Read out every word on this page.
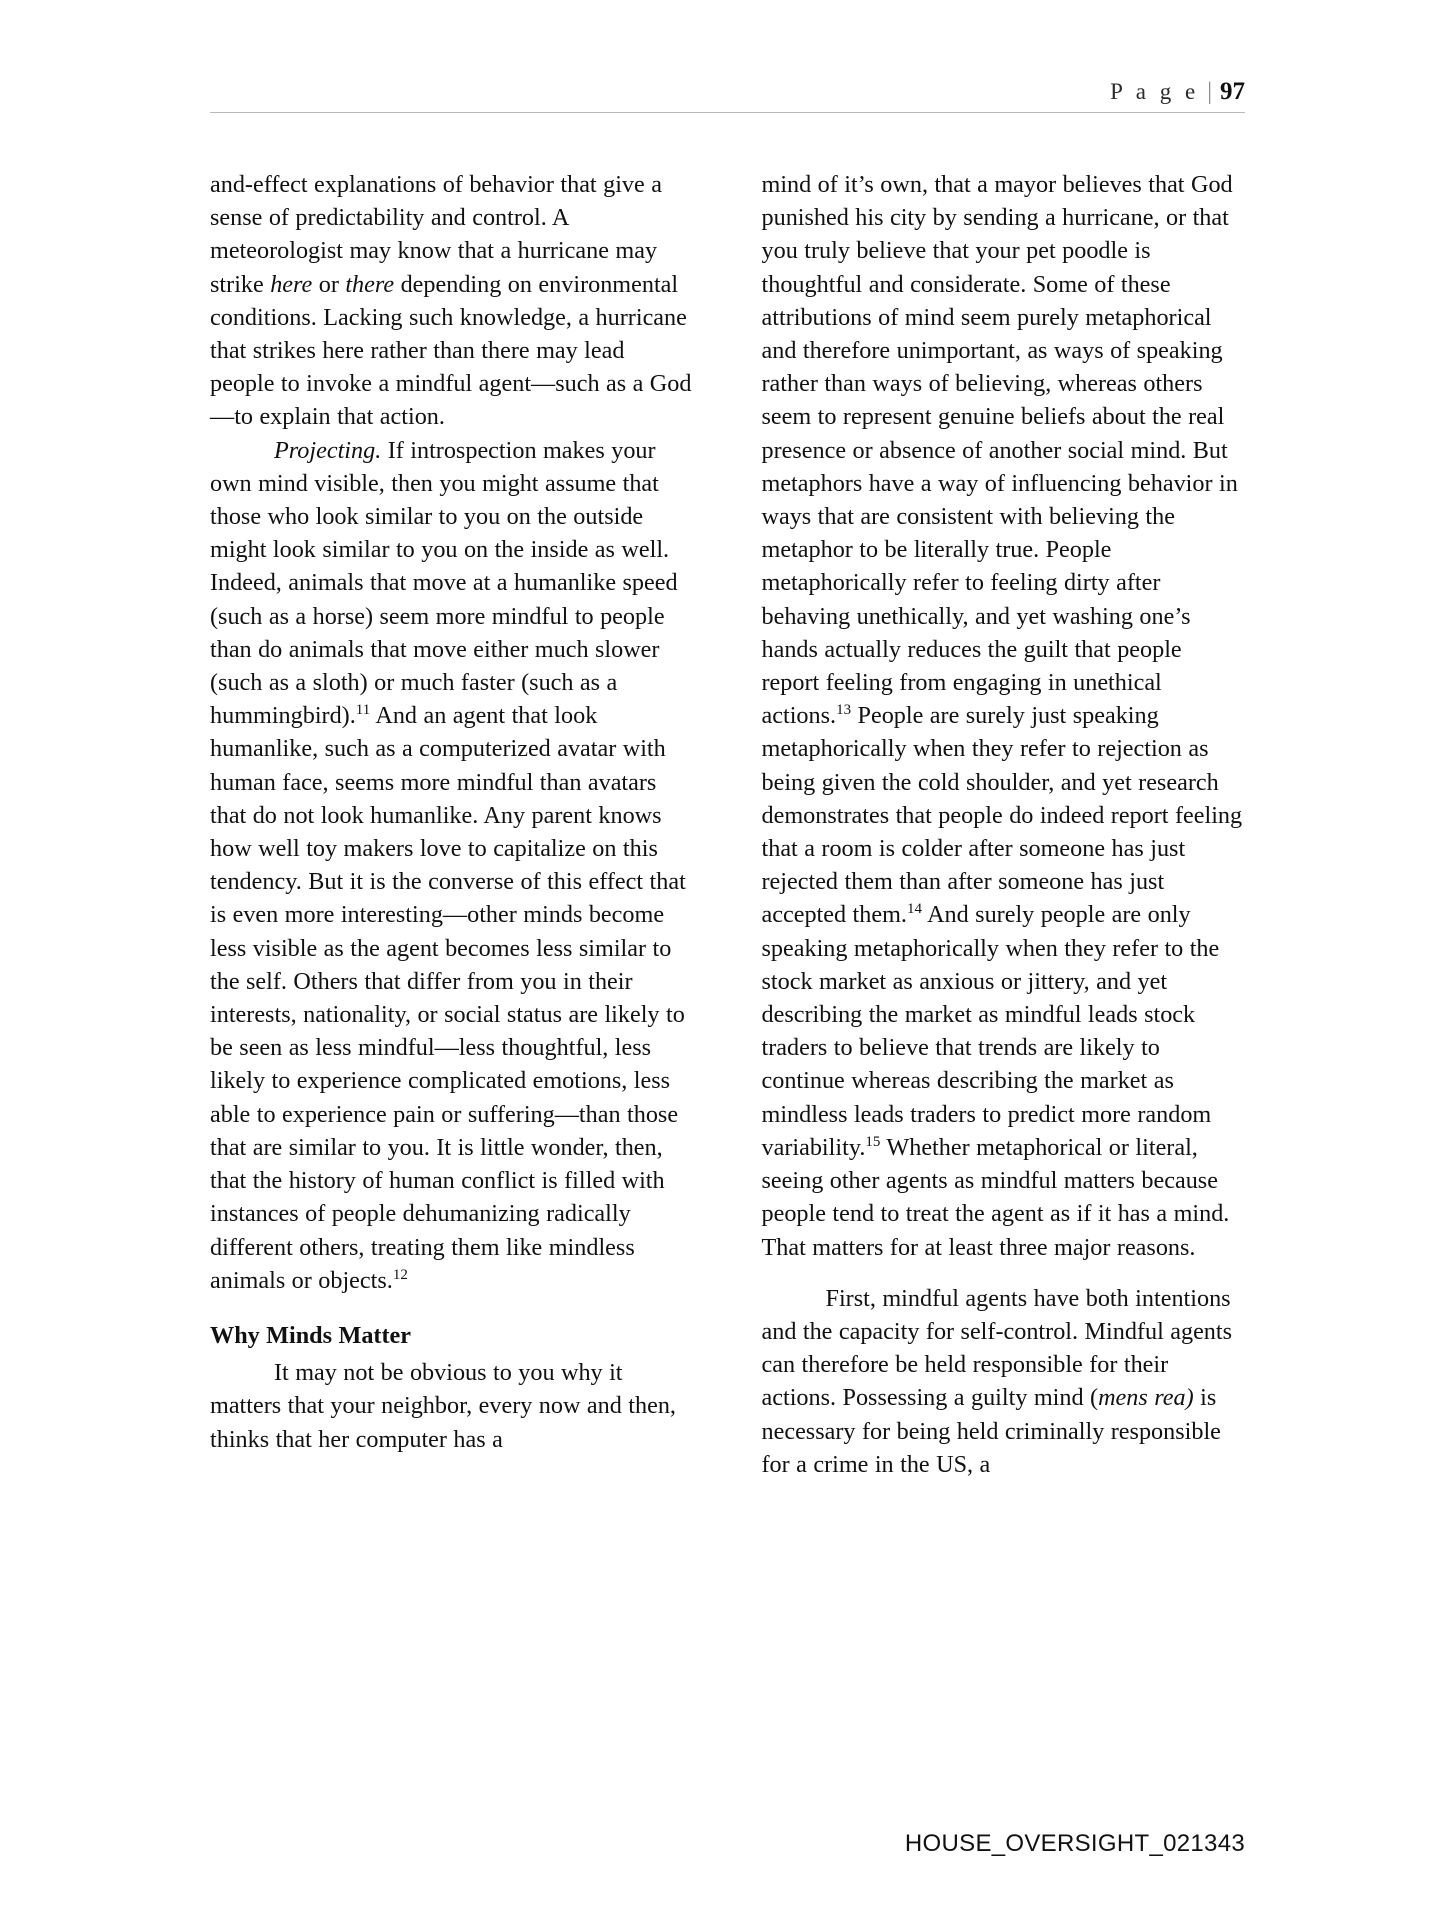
P a g e | 97

and-effect explanations of behavior that give a sense of predictability and control. A meteorologist may know that a hurricane may strike here or there depending on environmental conditions. Lacking such knowledge, a hurricane that strikes here rather than there may lead people to invoke a mindful agent—such as a God—to explain that action.

Projecting. If introspection makes your own mind visible, then you might assume that those who look similar to you on the outside might look similar to you on the inside as well. Indeed, animals that move at a humanlike speed (such as a horse) seem more mindful to people than do animals that move either much slower (such as a sloth) or much faster (such as a hummingbird).$^{11}$ And an agent that look humanlike, such as a computerized avatar with human face, seems more mindful than avatars that do not look humanlike. Any parent knows how well toy makers love to capitalize on this tendency. But it is the converse of this effect that is even more interesting—other minds become less visible as the agent becomes less similar to the self. Others that differ from you in their interests, nationality, or social status are likely to be seen as less mindful—less thoughtful, less likely to experience complicated emotions, less able to experience pain or suffering—than those that are similar to you. It is little wonder, then, that the history of human conflict is filled with instances of people dehumanizing radically different others, treating them like mindless animals or objects.$^{12}$

Why Minds Matter

It may not be obvious to you why it matters that your neighbor, every now and then, thinks that her computer has a

mind of it’s own, that a mayor believes that God punished his city by sending a hurricane, or that you truly believe that your pet poodle is thoughtful and considerate. Some of these attributions of mind seem purely metaphorical and therefore unimportant, as ways of speaking rather than ways of believing, whereas others seem to represent genuine beliefs about the real presence or absence of another social mind. But metaphors have a way of influencing behavior in ways that are consistent with believing the metaphor to be literally true. People metaphorically refer to feeling dirty after behaving unethically, and yet washing one’s hands actually reduces the guilt that people report feeling from engaging in unethical actions.$^{13}$ People are surely just speaking metaphorically when they refer to rejection as being given the cold shoulder, and yet research demonstrates that people do indeed report feeling that a room is colder after someone has just rejected them than after someone has just accepted them.$^{14}$ And surely people are only speaking metaphorically when they refer to the stock market as anxious or jittery, and yet describing the market as mindful leads stock traders to believe that trends are likely to continue whereas describing the market as mindless leads traders to predict more random variability.$^{15}$ Whether metaphorical or literal, seeing other agents as mindful matters because people tend to treat the agent as if it has a mind. That matters for at least three major reasons.

First, mindful agents have both intentions and the capacity for self-control. Mindful agents can therefore be held responsible for their actions. Possessing a guilty mind (mens rea) is necessary for being held criminally responsible for a crime in the US, a

HOUSE_OVERSIGHT_021343
